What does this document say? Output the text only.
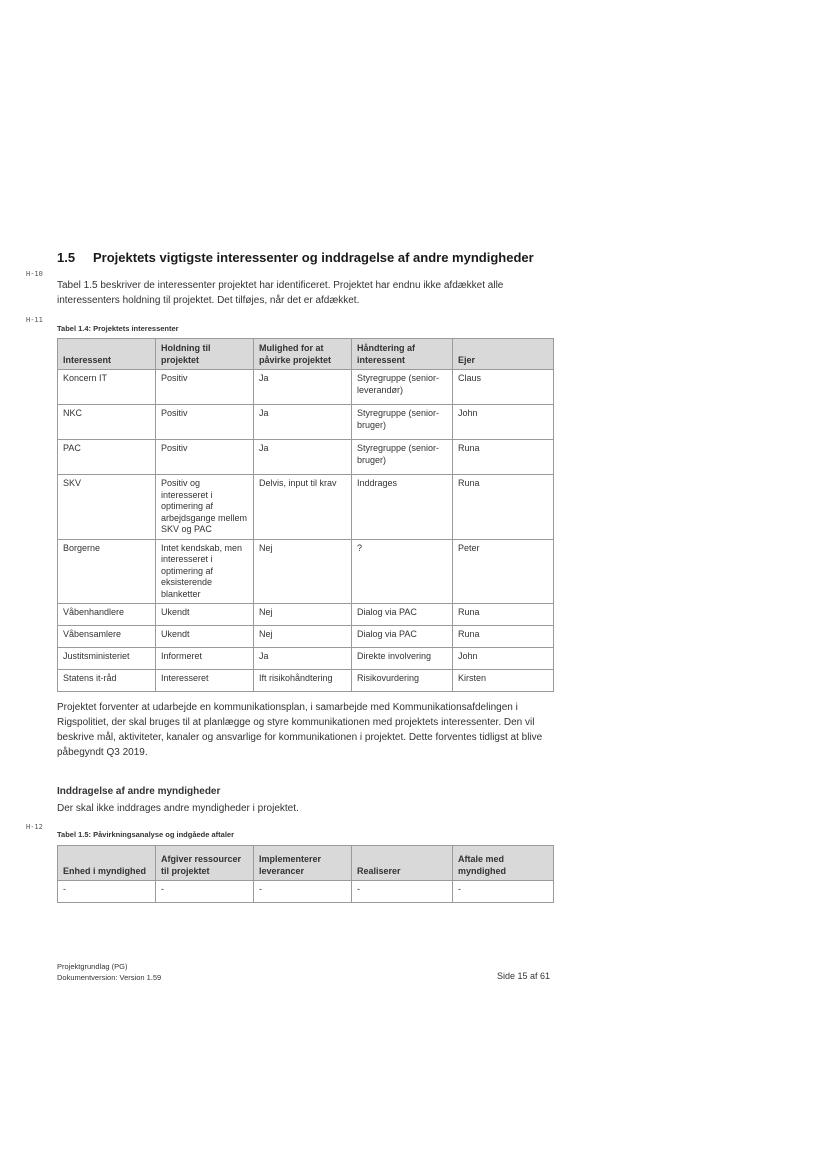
H-10
H-11
H-12
1.5 Projektets vigtigste interessenter og inddragelse af andre myndigheder
Tabel 1.5 beskriver de interessenter projektet har identificeret. Projektet har endnu ikke afdækket alle interessenters holdning til projektet. Det tilføjes, når det er afdækket.
Tabel 1.4: Projektets interessenter
Interessent	Holdning til projektet	Mulighed for at påvirke projektet	Håndtering af interessent	Ejer
Koncern IT	Positiv	Ja	Styregruppe (senior-leverandør)	Claus
NKC	Positiv	Ja	Styregruppe (senior-bruger)	John
PAC	Positiv	Ja	Styregruppe (senior-bruger)	Runa
SKV	Positiv og interesseret i optimering af arbejdsgange mellem SKV og PAC	Delvis, input til krav	Inddrages	Runa
Borgerne	Intet kendskab, men interesseret i optimering af eksisterende blanketter	Nej	?	Peter
Våbenhandlere	Ukendt	Nej	Dialog via PAC	Runa
Våbensamlere	Ukendt	Nej	Dialog via PAC	Runa
Justitsministeriet	Informeret	Ja	Direkte involvering	John
Statens it-råd	Interesseret	Ift risikohåndtering	Risikovurdering	Kirsten
Projektet forventer at udarbejde en kommunikationsplan, i samarbejde med Kommunikationsafdelingen i Rigspolitiet, der skal bruges til at planlægge og styre kommunikationen med projektets interessenter. Den vil beskrive mål, aktiviteter, kanaler og ansvarlige for kommunikationen i projektet. Dette forventes tidligst at blive påbegyndt Q3 2019.
Inddragelse af andre myndigheder
Der skal ikke inddrages andre myndigheder i projektet.
Tabel 1.5: Påvirkningsanalyse og indgåede aftaler
Enhed i myndighed	Afgiver ressourcer til projektet	Implementerer leverancer	Realiserer	Aftale med myndighed
-	-	-	-	-
Projektgrundlag (PG)
Dokumentversion: Version 1.59	Side 15 af 61
